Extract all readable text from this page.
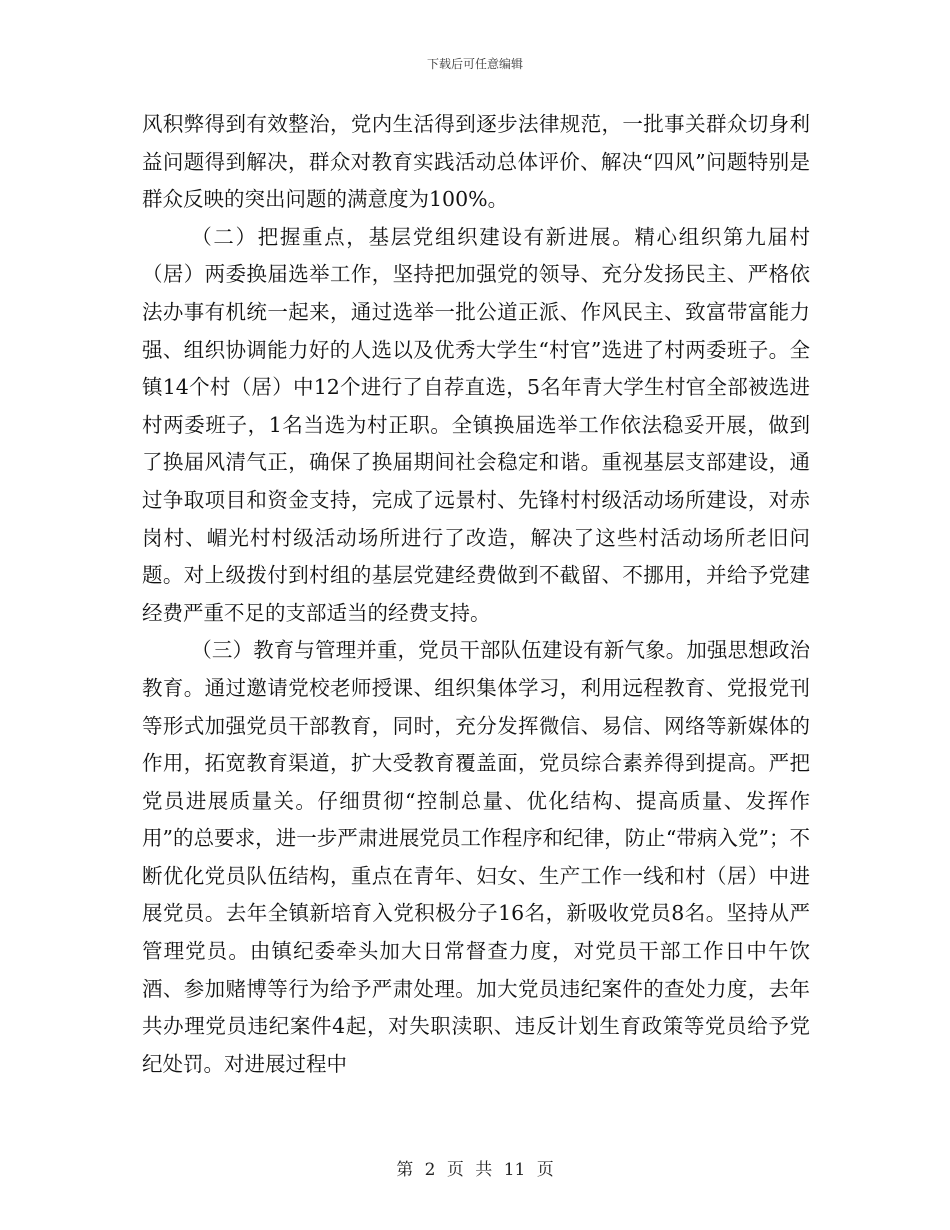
下载后可任意编辑

风积弊得到有效整治，党内生活得到逐步法律规范，一批事关群众切身利益问题得到解决，群众对教育实践活动总体评价、解决“四风”问题特别是群众反映的突出问题的满意度为100%。

（二）把握重点，基层党组织建设有新进展。精心组织第九届村（居）两委换届选举工作，坚持把加强党的领导、充分发扬民主、严格依法办事有机统一起来，通过选举一批公道正派、作风民主、致富带富能力强、组织协调能力好的人选以及优秀大学生“村官”选进了村两委班子。全镇14个村（居）中12个进行了自荐直选，5名年青大学生村官全部被选进村两委班子，1名当选为村正职。全镇换届选举工作依法稳妥开展，做到了换届风清气正，确保了换届期间社会稳定和谐。重视基层支部建设，通过争取项目和资金支持，完成了远景村、先锋村村级活动场所建设，对赤岗村、嵋光村村级活动场所进行了改造，解决了这些村活动场所老旧问题。对上级拨付到村组的基层党建经费做到不截留、不挪用，并给予党建经费严重不足的支部适当的经费支持。

（三）教育与管理并重，党员干部队伍建设有新气象。加强思想政治教育。通过邀请党校老师授课、组织集体学习，利用远程教育、党报党刊等形式加强党员干部教育，同时，充分发挥微信、易信、网络等新媒体的作用，拓宽教育渠道，扩大受教育覆盖面，党员综合素养得到提高。严把党员进展质量关。仔细贯彻“控制总量、优化结构、提高质量、发挥作用”的总要求，进一步严肃进展党员工作程序和纪律，防止“带病入党”；不断优化党员队伍结构，重点在青年、妇女、生产工作一线和村（居）中进展党员。去年全镇新培育入党积极分子16名，新吸收党员8名。坚持从严管理党员。由镇纪委牵头加大日常督查力度，对党员干部工作日中午饮酒、参加赌博等行为给予严肃处理。加大党员违纪案件的查处力度，去年共办理党员违纪案件4起，对失职渎职、违反计划生育政策等党员给予党纪处罚。对进展过程中

第 2 页 共 11 页
